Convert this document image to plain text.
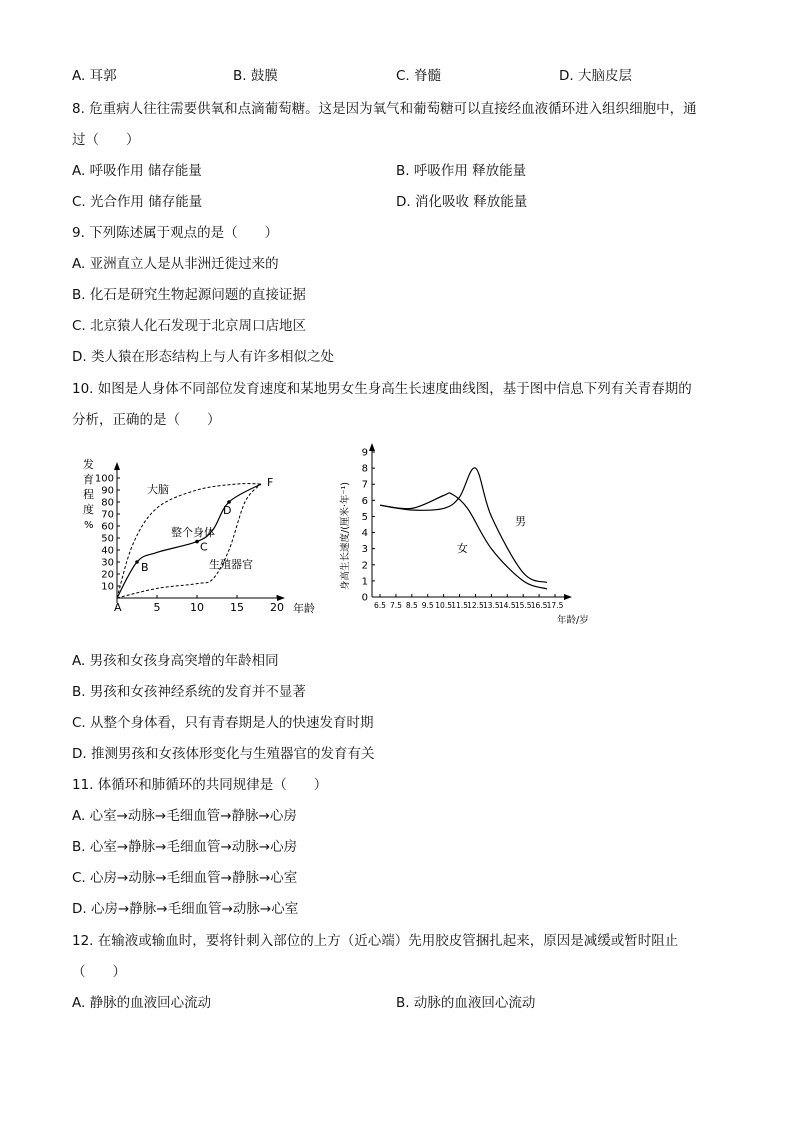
A. 耳郭	B. 鼓膜	C. 脊髓	D. 大脑皮层
8. 危重病人往往需要供氧和点滴葡萄糖。这是因为氧气和葡萄糖可以直接经血液循环进入组织细胞中，通
过（　　）
A. 呼吸作用 储存能量	B. 呼吸作用 释放能量
C. 光合作用 储存能量	D. 消化吸收 释放能量
9. 下列陈述属于观点的是（　　）
A. 亚洲直立人是从非洲迁徙过来的
B. 化石是研究生物起源问题的直接证据
C. 北京猿人化石发现于北京周口店地区
D. 类人猿在形态结构上与人有许多相似之处
10. 如图是人身体不同部位发育速度和某地男女生身高生长速度曲线图，基于图中信息下列有关青春期的
分析，正确的是（　　）
发
育
程
度
%
10
20
30
40
50
60
70
80
90
100
5	10 15 20 年龄
大脑
整个身体
生殖器官
A
B
C
D
F	身高生长速度/(厘米·年⁻¹)
0
1
2
3
4
5
6
7
8
9
6.5 7.5 8.5 9.5 10.5 11.5 12.5 13.5 14.5 15.5 16.5 17.5
年龄/岁
男
女
A. 男孩和女孩身高突增的年龄相同
B. 男孩和女孩神经系统的发育并不显著
C. 从整个身体看，只有青春期是人的快速发育时期
D. 推测男孩和女孩体形变化与生殖器官的发育有关
11. 体循环和肺循环的共同规律是（　　）
A. 心室→动脉→毛细血管→静脉→心房
B. 心室→静脉→毛细血管→动脉→心房
C. 心房→动脉→毛细血管→静脉→心室
D. 心房→静脉→毛细血管→动脉→心室
12. 在输液或输血时，要将针刺入部位的上方（近心端）先用胶皮管捆扎起来，原因是减缓或暂时阻止
（　　）
A. 静脉的血液回心流动	B. 动脉的血液回心流动
